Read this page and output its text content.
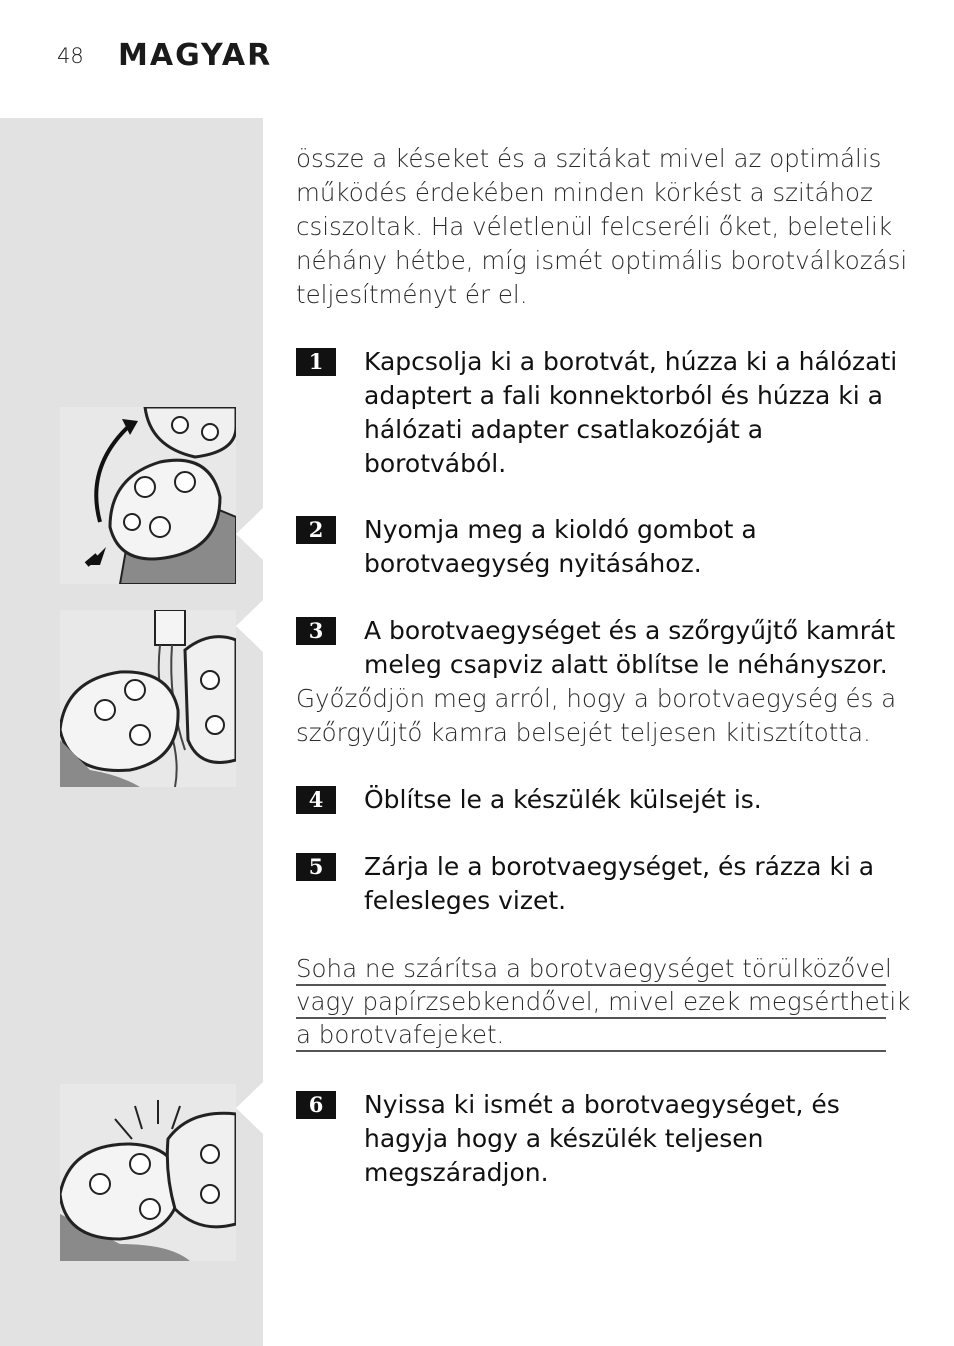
48 MAGYAR
össze a késeket és a szitákat mivel az optimális
működés érdekében minden körkést a szitához
csiszoltak. Ha véletlenül felcseréli őket, beletelik
néhány hétbe, míg ismét optimális borotválkozási
teljesítményt ér el.
1	Kapcsolja ki a borotvát, húzza ki a hálózati
adaptert a fali konnektorból és húzza ki a
hálózati adapter csatlakozóját a
borotvából.
2	Nyomja meg a kioldó gombot a
borotvaegység nyitásához.
3	A borotvaegységet és a szőrgyűjtő kamrát
meleg csapviz alatt öblítse le néhányszor.
Győződjön meg arról, hogy a borotvaegység és a
szőrgyűjtő kamra belsejét teljesen kitisztította.
4	Öblítse le a készülék külsejét is.
5	Zárja le a borotvaegységet, és rázza ki a
felesleges vizet.
Soha ne szárítsa a borotvaegységet törülközővel
vagy papírzsebkendővel, mivel ezek megsérthetik
a borotvafejeket.
6	Nyissa ki ismét a borotvaegységet, és
hagyja hogy a készülék teljesen
megszáradjon.
